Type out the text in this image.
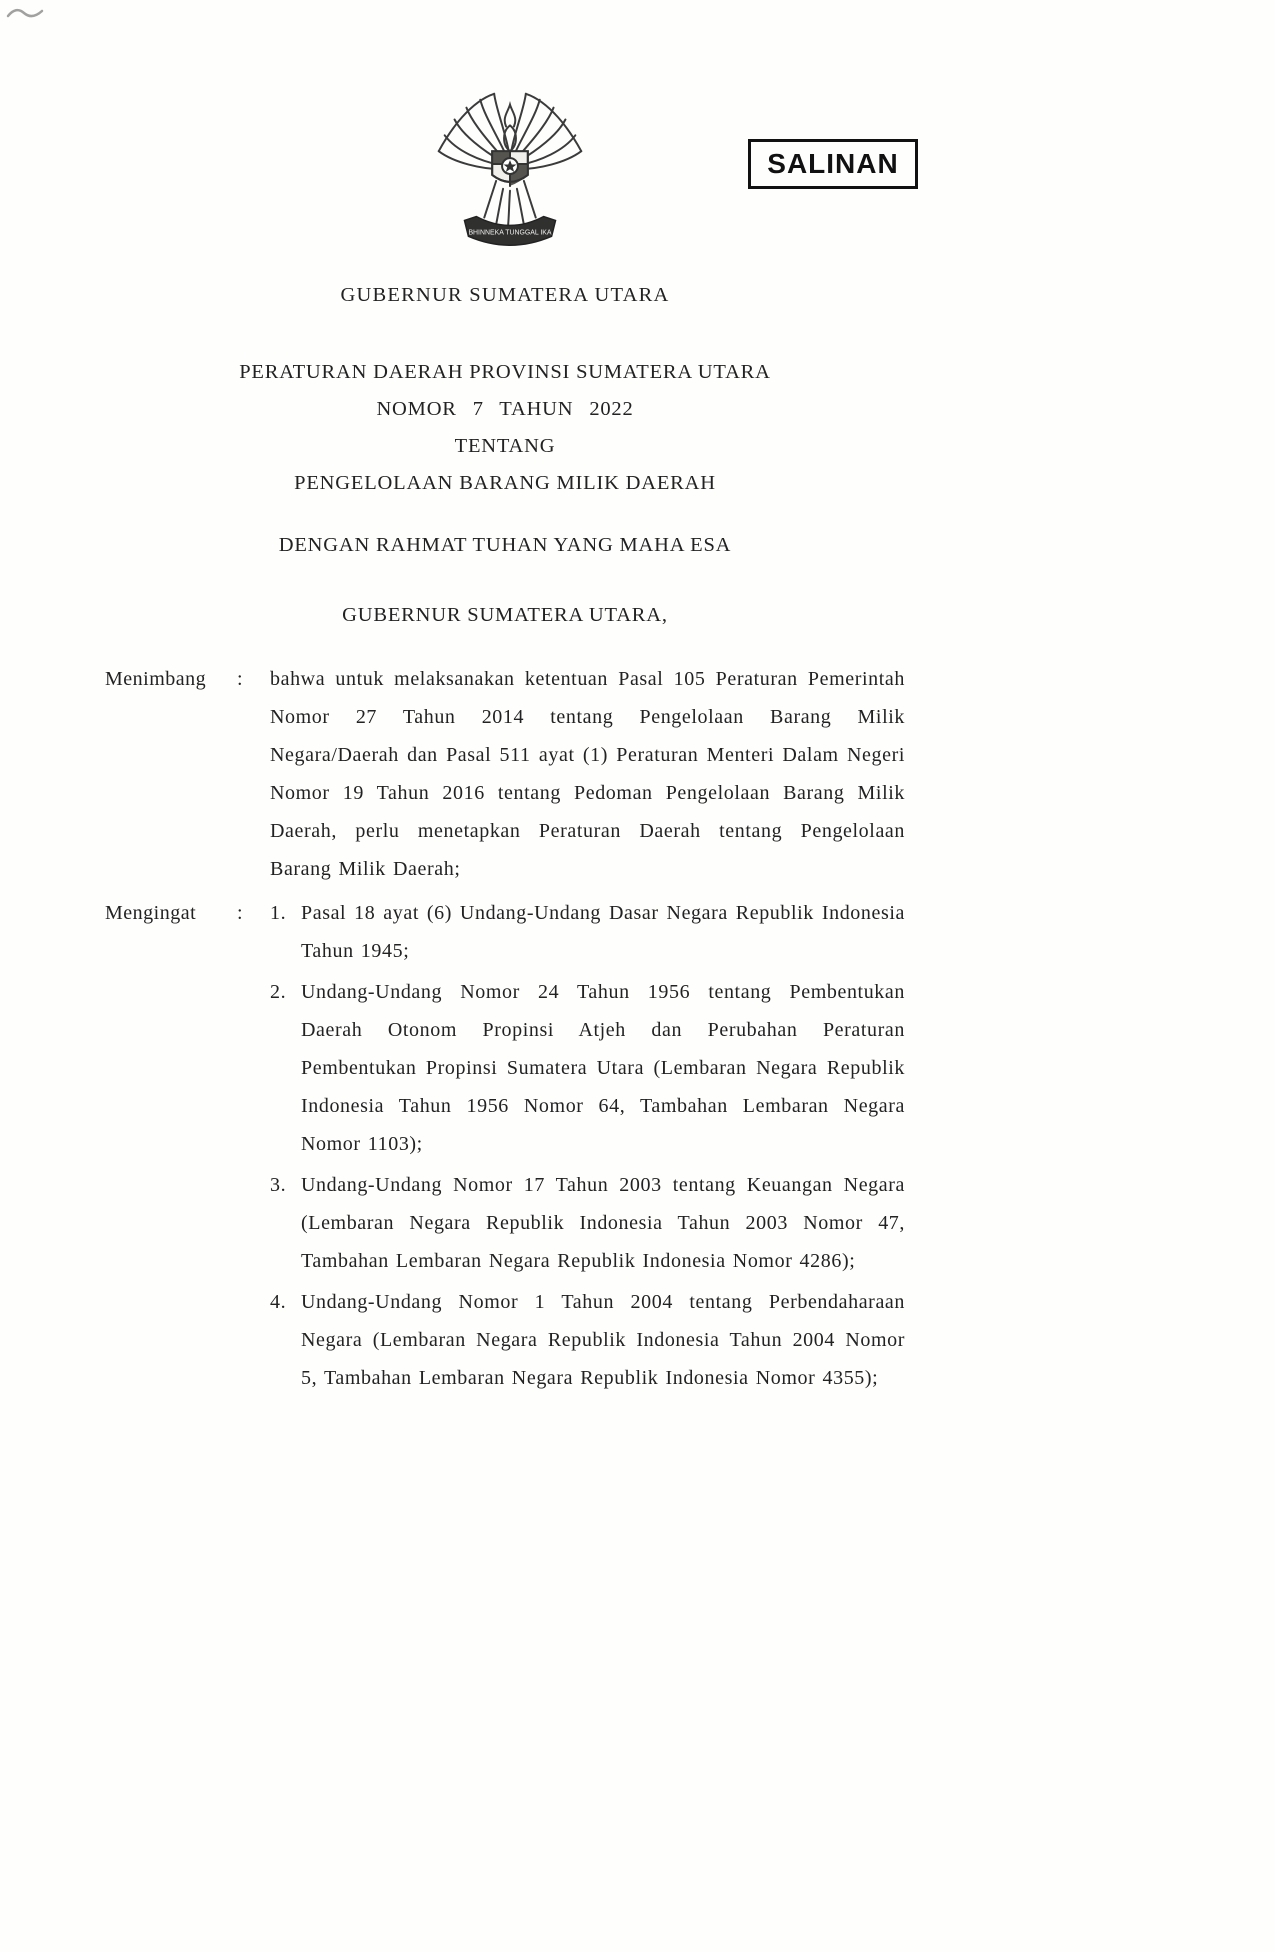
BHINNEKA TUNGGAL IKA
SALINAN
GUBERNUR SUMATERA UTARA
PERATURAN DAERAH PROVINSI SUMATERA UTARA
NOMOR 7 TAHUN 2022
TENTANG
PENGELOLAAN BARANG MILIK DAERAH
DENGAN RAHMAT TUHAN YANG MAHA ESA
GUBERNUR SUMATERA UTARA,
Menimbang	:	bahwa untuk melaksanakan ketentuan Pasal 105 Peraturan Pemerintah Nomor 27 Tahun 2014 tentang Pengelolaan Barang Milik Negara/Daerah dan Pasal 511 ayat (1) Peraturan Menteri Dalam Negeri Nomor 19 Tahun 2016 tentang Pedoman Pengelolaan Barang Milik Daerah, perlu menetapkan Peraturan Daerah tentang Pengelolaan Barang Milik Daerah;
Mengingat	:	1. Pasal 18 ayat (6) Undang-Undang Dasar Negara Republik Indonesia Tahun 1945;
2. Undang-Undang Nomor 24 Tahun 1956 tentang Pembentukan Daerah Otonom Propinsi Atjeh dan Perubahan Peraturan Pembentukan Propinsi Sumatera Utara (Lembaran Negara Republik Indonesia Tahun 1956 Nomor 64, Tambahan Lembaran Negara Nomor 1103);
3. Undang-Undang Nomor 17 Tahun 2003 tentang Keuangan Negara (Lembaran Negara Republik Indonesia Tahun 2003 Nomor 47, Tambahan Lembaran Negara Republik Indonesia Nomor 4286);
4. Undang-Undang Nomor 1 Tahun 2004 tentang Perbendaharaan Negara (Lembaran Negara Republik Indonesia Tahun 2004 Nomor 5, Tambahan Lembaran Negara Republik Indonesia Nomor 4355);
